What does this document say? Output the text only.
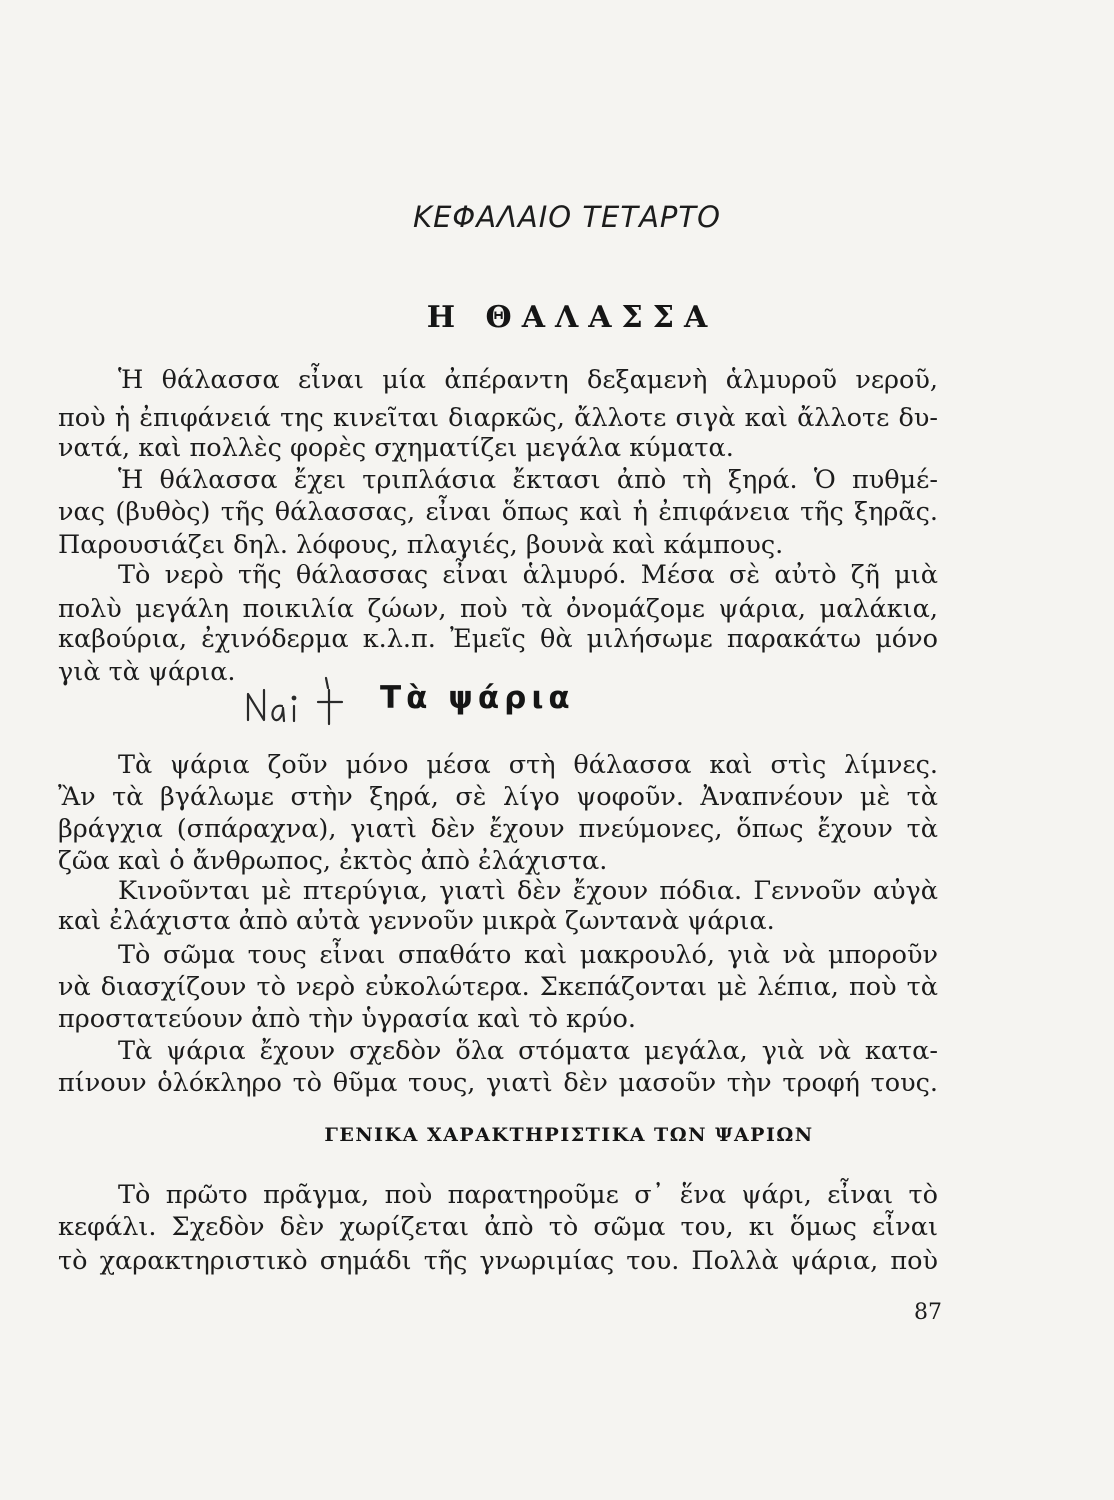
ΚΕΦΑΛΑΙΟ ΤΕΤΑΡΤΟ
Η ΘΑΛΑΣΣΑ
Ἡ θάλασσα εἶναι μία ἀπέραντη δεξαμενὴ ἁλμυροῦ νεροῦ,
ποὺ ἡ ἐπιφάνειά της κινεῖται διαρκῶς, ἄλλοτε σιγὰ καὶ ἄλλοτε δυ-
νατά, καὶ πολλὲς φορὲς σχηματίζει μεγάλα κύματα.
Ἡ θάλασσα ἔχει τριπλάσια ἔκτασι ἀπὸ τὴ ξηρά. Ὁ πυθμέ-
νας (βυθὸς) τῆς θάλασσας, εἶναι ὅπως καὶ ἡ ἐπιφάνεια τῆς ξηρᾶς.
Παρουσιάζει δηλ. λόφους, πλαγιές, βουνὰ καὶ κάμπους.
Τὸ νερὸ τῆς θάλασσας εἶναι ἁλμυρό. Μέσα σὲ αὐτὸ ζῆ μιὰ
πολὺ μεγάλη ποικιλία ζώων, ποὺ τὰ ὀνομάζομε ψάρια, μαλάκια,
καβούρια, ἐχινόδερμα κ.λ.π. Ἐμεῖς θὰ μιλήσωμε παρακάτω μόνο
γιὰ τὰ ψάρια.
Τὰ ψάρια
Τὰ ψάρια ζοῦν μόνο μέσα στὴ θάλασσα καὶ στὶς λίμνες.
Ἂν τὰ βγάλωμε στὴν ξηρά, σὲ λίγο ψοφοῦν. Ἀναπνέουν μὲ τὰ
βράγχια (σπάραχνα), γιατὶ δὲν ἔχουν πνεύμονες, ὅπως ἔχουν τὰ
ζῶα καὶ ὁ ἄνθρωπος, ἐκτὸς ἀπὸ ἐλάχιστα.
Κινοῦνται μὲ πτερύγια, γιατὶ δὲν ἔχουν πόδια. Γεννοῦν αὐγὰ
καὶ ἐλάχιστα ἀπὸ αὐτὰ γεννοῦν μικρὰ ζωντανὰ ψάρια.
Τὸ σῶμα τους εἶναι σπαθάτο καὶ μακρουλό, γιὰ νὰ μποροῦν
νὰ διασχίζουν τὸ νερὸ εὐκολώτερα. Σκεπάζονται μὲ λέπια, ποὺ τὰ
προστατεύουν ἀπὸ τὴν ὑγρασία καὶ τὸ κρύο.
Τὰ ψάρια ἔχουν σχεδὸν ὅλα στόματα μεγάλα, γιὰ νὰ κατα-
πίνουν ὁλόκληρο τὸ θῦμα τους, γιατὶ δὲν μασοῦν τὴν τροφή τους.
ΓΕΝΙΚΑ ΧΑΡΑΚΤΗΡΙΣΤΙΚΑ ΤΩΝ ΨΑΡΙΩΝ
Τὸ πρῶτο πρᾶγμα, ποὺ παρατηροῦμε σ᾽ ἕνα ψάρι, εἶναι τὸ
κεφάλι. Σχεδὸν δὲν χωρίζεται ἀπὸ τὸ σῶμα του, κι ὅμως εἶναι
τὸ χαρακτηριστικὸ σημάδι τῆς γνωριμίας του. Πολλὰ ψάρια, ποὺ
87
